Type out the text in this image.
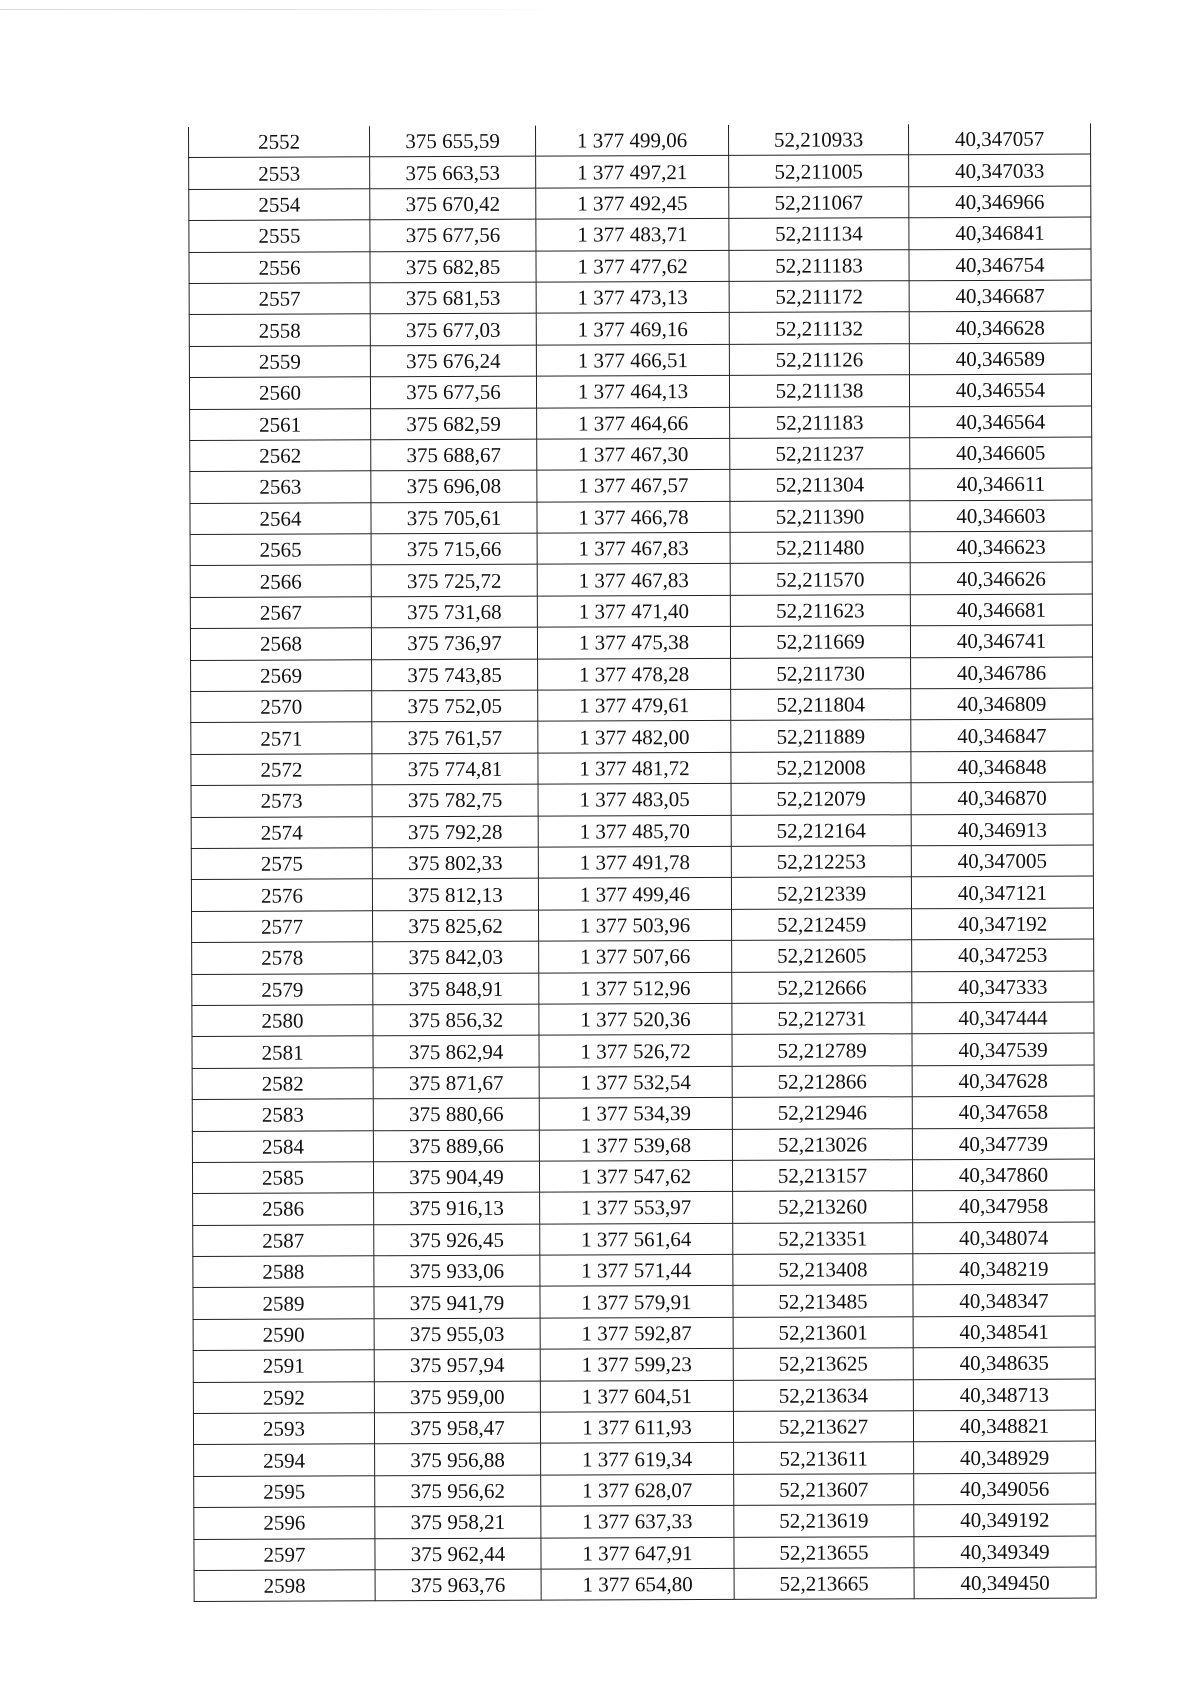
2552	375 655,59	1 377 499,06	52,210933	40,347057
2553	375 663,53	1 377 497,21	52,211005	40,347033
2554	375 670,42	1 377 492,45	52,211067	40,346966
2555	375 677,56	1 377 483,71	52,211134	40,346841
2556	375 682,85	1 377 477,62	52,211183	40,346754
2557	375 681,53	1 377 473,13	52,211172	40,346687
2558	375 677,03	1 377 469,16	52,211132	40,346628
2559	375 676,24	1 377 466,51	52,211126	40,346589
2560	375 677,56	1 377 464,13	52,211138	40,346554
2561	375 682,59	1 377 464,66	52,211183	40,346564
2562	375 688,67	1 377 467,30	52,211237	40,346605
2563	375 696,08	1 377 467,57	52,211304	40,346611
2564	375 705,61	1 377 466,78	52,211390	40,346603
2565	375 715,66	1 377 467,83	52,211480	40,346623
2566	375 725,72	1 377 467,83	52,211570	40,346626
2567	375 731,68	1 377 471,40	52,211623	40,346681
2568	375 736,97	1 377 475,38	52,211669	40,346741
2569	375 743,85	1 377 478,28	52,211730	40,346786
2570	375 752,05	1 377 479,61	52,211804	40,346809
2571	375 761,57	1 377 482,00	52,211889	40,346847
2572	375 774,81	1 377 481,72	52,212008	40,346848
2573	375 782,75	1 377 483,05	52,212079	40,346870
2574	375 792,28	1 377 485,70	52,212164	40,346913
2575	375 802,33	1 377 491,78	52,212253	40,347005
2576	375 812,13	1 377 499,46	52,212339	40,347121
2577	375 825,62	1 377 503,96	52,212459	40,347192
2578	375 842,03	1 377 507,66	52,212605	40,347253
2579	375 848,91	1 377 512,96	52,212666	40,347333
2580	375 856,32	1 377 520,36	52,212731	40,347444
2581	375 862,94	1 377 526,72	52,212789	40,347539
2582	375 871,67	1 377 532,54	52,212866	40,347628
2583	375 880,66	1 377 534,39	52,212946	40,347658
2584	375 889,66	1 377 539,68	52,213026	40,347739
2585	375 904,49	1 377 547,62	52,213157	40,347860
2586	375 916,13	1 377 553,97	52,213260	40,347958
2587	375 926,45	1 377 561,64	52,213351	40,348074
2588	375 933,06	1 377 571,44	52,213408	40,348219
2589	375 941,79	1 377 579,91	52,213485	40,348347
2590	375 955,03	1 377 592,87	52,213601	40,348541
2591	375 957,94	1 377 599,23	52,213625	40,348635
2592	375 959,00	1 377 604,51	52,213634	40,348713
2593	375 958,47	1 377 611,93	52,213627	40,348821
2594	375 956,88	1 377 619,34	52,213611	40,348929
2595	375 956,62	1 377 628,07	52,213607	40,349056
2596	375 958,21	1 377 637,33	52,213619	40,349192
2597	375 962,44	1 377 647,91	52,213655	40,349349
2598	375 963,76	1 377 654,80	52,213665	40,349450
